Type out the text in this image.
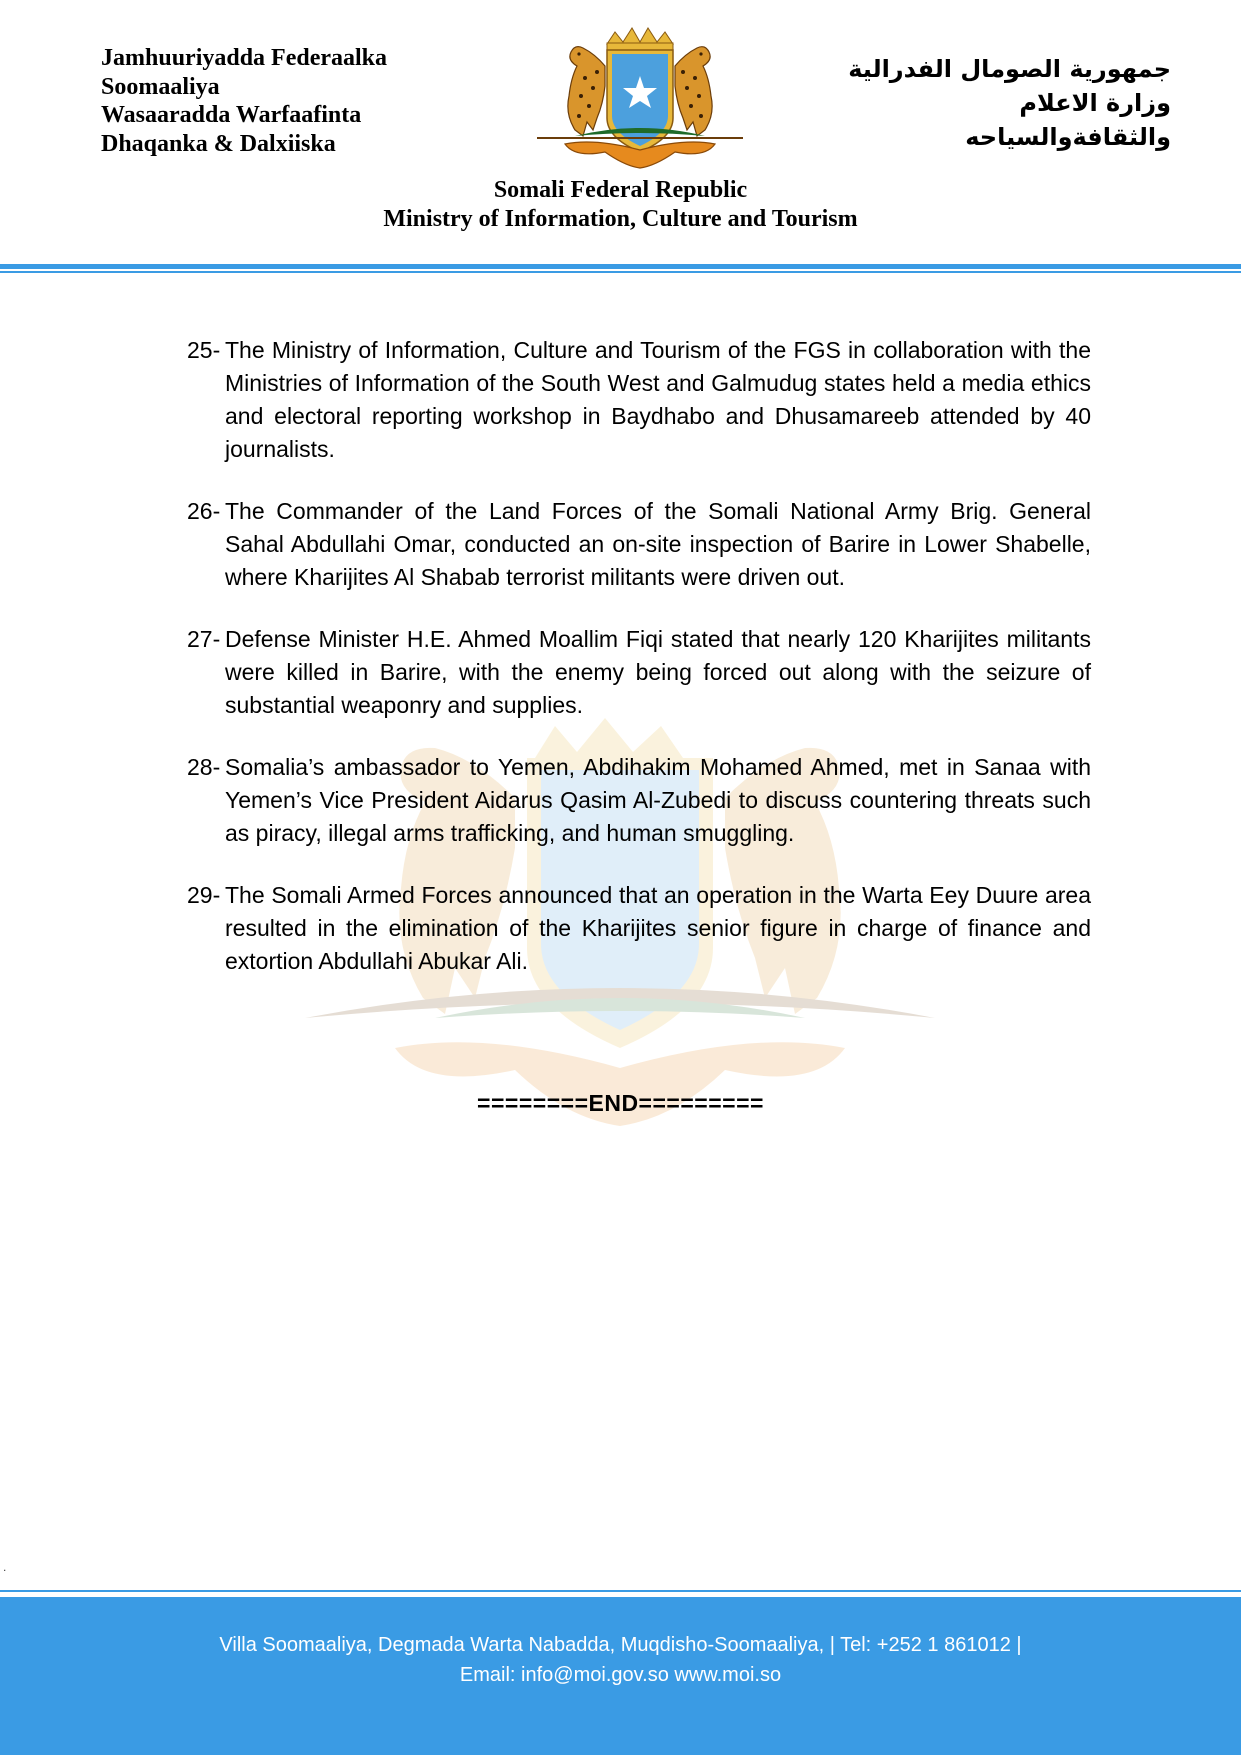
Jamhuuriyadda Federaalka
Soomaaliya
Wasaaradda Warfaafinta
Dhaqanka & Dalxiiska
جمهورية الصومال الفدرالية
وزارة الاعلام
والثقافةوالسياحه
Somali Federal Republic
Ministry of Information, Culture and Tourism
25- The Ministry of Information, Culture and Tourism of the FGS in collaboration with the Ministries of Information of the South West and Galmudug states held a media ethics and electoral reporting workshop in Baydhabo and Dhusamareeb attended by 40 journalists.
26- The Commander of the Land Forces of the Somali National Army Brig. General Sahal Abdullahi Omar, conducted an on-site inspection of Barire in Lower Shabelle, where Kharijites Al Shabab terrorist militants were driven out.
27- Defense Minister H.E. Ahmed Moallim Fiqi stated that nearly 120 Kharijites militants were killed in Barire, with the enemy being forced out along with the seizure of substantial weaponry and supplies.
28- Somalia’s ambassador to Yemen, Abdihakim Mohamed Ahmed, met in Sanaa with Yemen’s Vice President Aidarus Qasim Al-Zubedi to discuss countering threats such as piracy, illegal arms trafficking, and human smuggling.
29- The Somali Armed Forces announced that an operation in the Warta Eey Duure area resulted in the elimination of the Kharijites senior figure in charge of finance and extortion Abdullahi Abukar Ali.
========END=========
.
Villa Soomaaliya, Degmada Warta Nabadda, Muqdisho-Soomaaliya, | Tel: +252 1 861012 |
Email: info@moi.gov.so www.moi.so
